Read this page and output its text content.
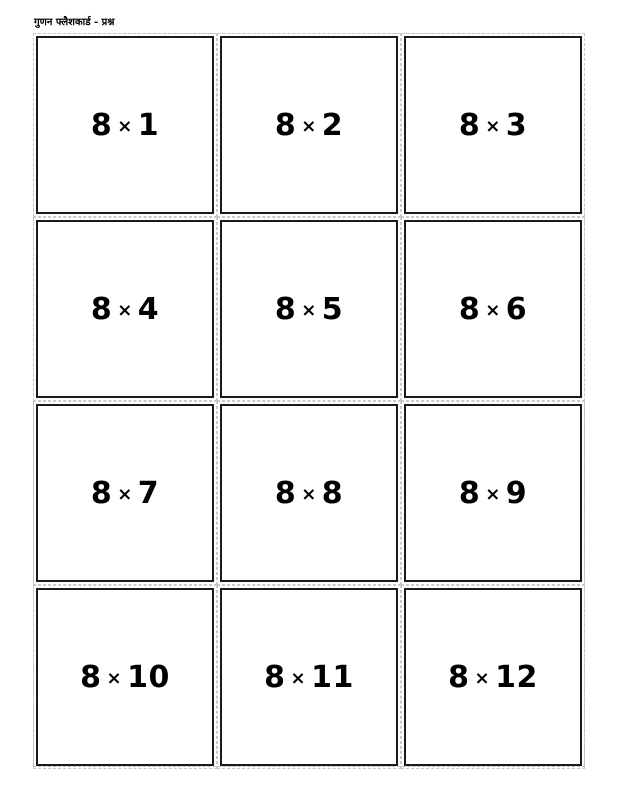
गुणन फ्लैशकार्ड - प्रश्न
8 × 1	8 × 2	8 × 3
8 × 4	8 × 5	8 × 6
8 × 7	8 × 8	8 × 9
8 × 10	8 × 11	8 × 12
